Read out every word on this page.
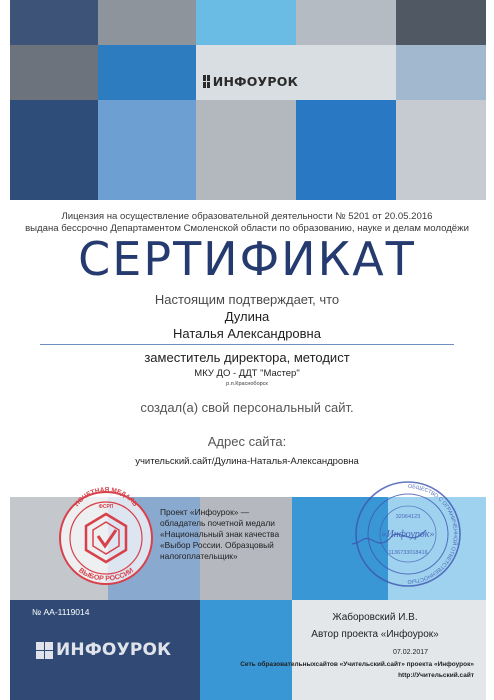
ИНФОУРОК
Лицензия на осуществление образовательной деятельности № 5201 от 20.05.2016
выдана бессрочно Департаментом Смоленской области по образованию, науке и делам молодёжи
СЕРТИФИКАТ
Настоящим подтверждает, что
Дулина
Наталья Александровна
заместитель директора, методист
МКУ ДО - ДДТ "Мастер"
р.п.Красноборск
создал(а) свой персональный сайт.
Адрес сайта:
учительский.сайт/Дулина-Наталья-Александровна
ПОЧЕТНАЯ МЕДАЛЬ
ФСРП
ВЫБОР РОССИИ
ОБЩЕСТВО С ОГРАНИЧЕННОЙ ОТВЕТСТВЕННОСТЬЮ
32064123
«Инфоурок»
1136733018416
Проект «Инфоурок» —
обладатель почетной медали
«Национальный знак качества
«Выбор России. Образцовый
налогоплательщик»
№ АА-1119014
ИНФОУРОК
Жаборовский И.В.
Автор проекта «Инфоурок»
07.02.2017
Сеть образовательныхсайтов «Учительский.сайт» проекта «Инфоурок»
http://Учительский.сайт
